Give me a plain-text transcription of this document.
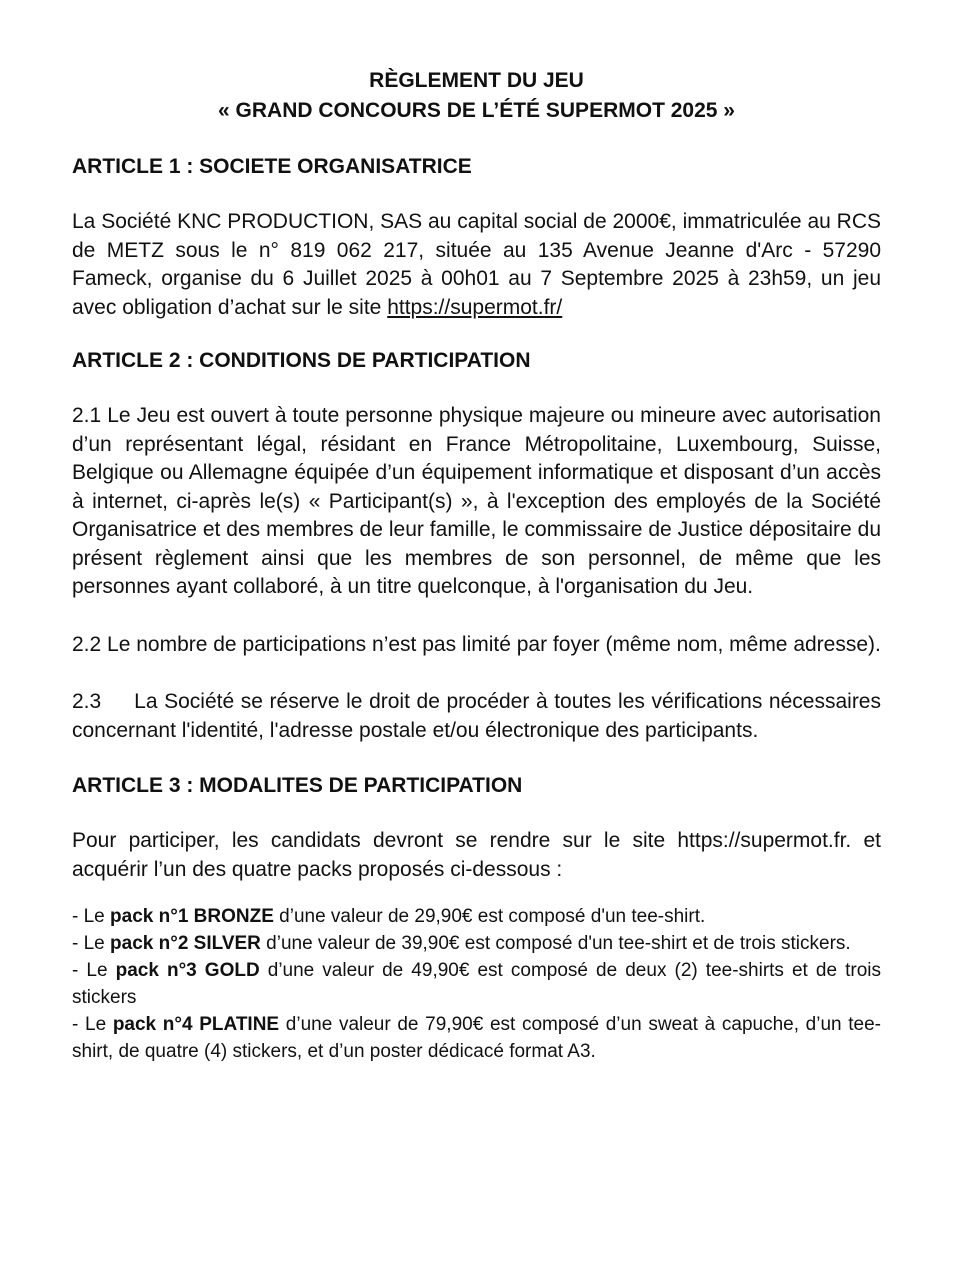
RÈGLEMENT DU JEU
« GRAND CONCOURS DE L’ÉTÉ SUPERMOT 2025 »

ARTICLE 1 : SOCIETE ORGANISATRICE

La Société KNC PRODUCTION, SAS au capital social de 2000€, immatriculée au RCS de METZ sous le n° 819 062 217, située au 135 Avenue Jeanne d'Arc - 57290 Fameck, organise du 6 Juillet 2025 à 00h01 au 7 Septembre 2025 à 23h59, un jeu avec obligation d’achat sur le site https://supermot.fr/

ARTICLE 2 : CONDITIONS DE PARTICIPATION

2.1 Le Jeu est ouvert à toute personne physique majeure ou mineure avec autorisation d’un représentant légal, résidant en France Métropolitaine, Luxembourg, Suisse, Belgique ou Allemagne équipée d’un équipement informatique et disposant d’un accès à internet, ci-après le(s) « Participant(s) », à l'exception des employés de la Société Organisatrice et des membres de leur famille, le commissaire de Justice dépositaire du présent règlement ainsi que les membres de son personnel, de même que les personnes ayant collaboré, à un titre quelconque, à l'organisation du Jeu.

2.2 Le nombre de participations n’est pas limité par foyer (même nom, même adresse).

2.3     La Société se réserve le droit de procéder à toutes les vérifications nécessaires concernant l'identité, l'adresse postale et/ou électronique des participants.

ARTICLE 3 : MODALITES DE PARTICIPATION

Pour participer, les candidats devront se rendre sur le site https://supermot.fr. et acquérir l’un des quatre packs proposés ci-dessous :

- Le pack n°1 BRONZE d’une valeur de 29,90€ est composé d'un tee-shirt.

- Le pack n°2 SILVER d’une valeur de 39,90€ est composé d'un tee-shirt et de trois stickers.

- Le pack n°3 GOLD d’une valeur de 49,90€ est composé de deux (2) tee-shirts et de trois stickers

- Le pack n°4 PLATINE d’une valeur de 79,90€ est composé d’un sweat à capuche, d’un tee-shirt, de quatre (4) stickers, et d’un poster dédicacé format A3.
